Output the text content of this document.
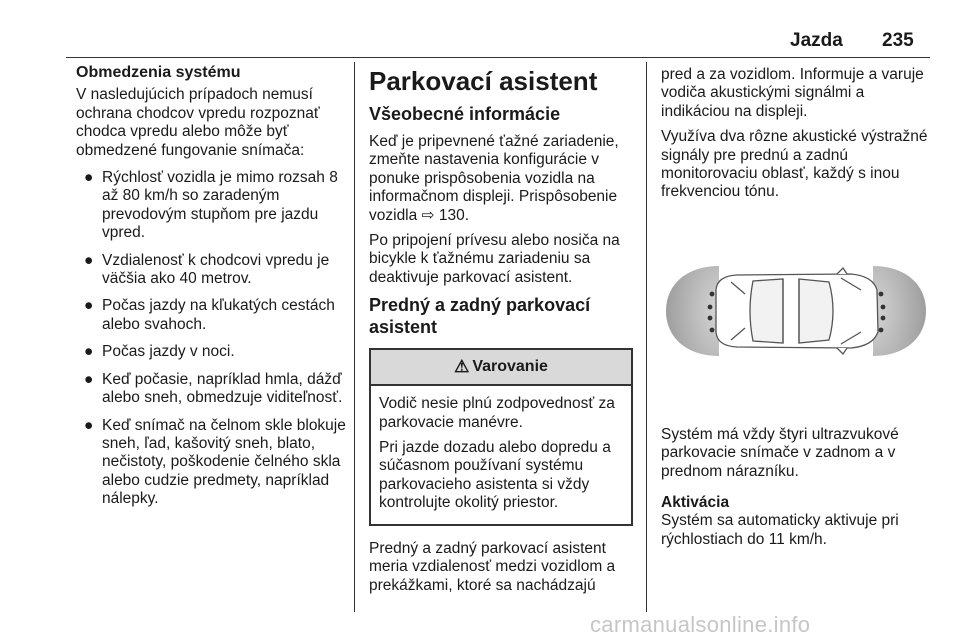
Jazda 235
Obmedzenia systému

V nasledujúcich prípadoch nemusí ochrana chodcov vpredu rozpoznať chodca vpredu alebo môže byť obmedzené fungovanie snímača:

● Rýchlosť vozidla je mimo rozsah 8 až 80 km/h so zaradeným prevodovým stupňom pre jazdu vpred.
● Vzdialenosť k chodcovi vpredu je väčšia ako 40 metrov.
● Počas jazdy na kľukatých cestách alebo svahoch.
● Počas jazdy v noci.
● Keď počasie, napríklad hmla, dážď alebo sneh, obmedzuje viditeľnosť.
● Keď snímač na čelnom skle blokuje sneh, ľad, kašovitý sneh, blato, nečistoty, poškodenie čelného skla alebo cudzie predmety, napríklad nálepky.
Parkovací asistent
Všeobecné informácie

Keď je pripevnené ťažné zariadenie, zmeňte nastavenia konfigurácie v ponuke prispôsobenia vozidla na informačnom displeji. Prispôsobenie vozidla ⇨ 130.

Po pripojení prívesu alebo nosiča na bicykle k ťažnému zariadeniu sa deaktivuje parkovací asistent.

Predný a zadný parkovací asistent
⚠ Varovanie

Vodič nesie plnú zodpovednosť za parkovacie manévre.

Pri jazde dozadu alebo dopredu a súčasnom používaní systému parkovacieho asistenta si vždy kontrolujte okolitý priestor.

Predný a zadný parkovací asistent meria vzdialenosť medzi vozidlom a prekážkami, ktoré sa nachádzajú

pred a za vozidlom. Informuje a varuje vodiča akustickými signálmi a indikáciou na displeji.

Využíva dva rôzne akustické výstražné signály pre prednú a zadnú monitorovaciu oblasť, každý s inou frekvenciou tónu.

Systém má vždy štyri ultrazvukové parkovacie snímače v zadnom a v prednom nárazníku.

Aktivácia

Systém sa automaticky aktivuje pri rýchlostiach do 11 km/h.

carmanualsonline.info
